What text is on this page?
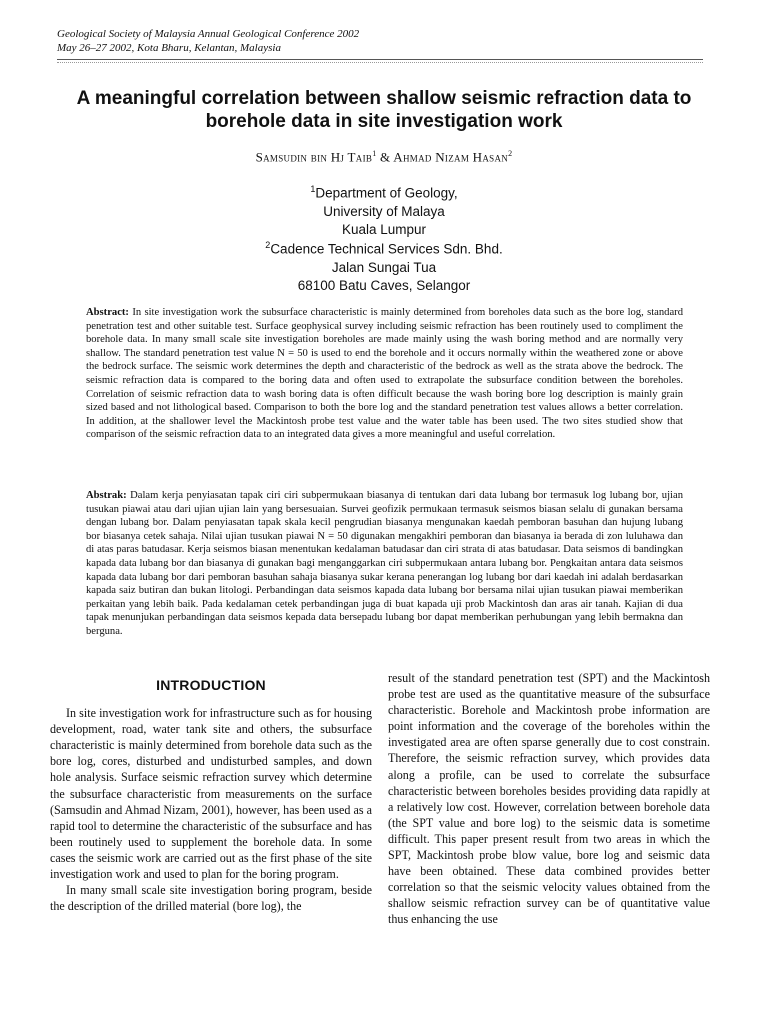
Geological Society of Malaysia Annual Geological Conference 2002
May 26–27 2002, Kota Bharu, Kelantan, Malaysia
A meaningful correlation between shallow seismic refraction data to
borehole data in site investigation work
Samsudin bin Hj Taib$^1$ & Ahmad Nizam Hasan$^2$
$^1$Department of Geology,
University of Malaya
Kuala Lumpur
$^2$Cadence Technical Services Sdn. Bhd.
Jalan Sungai Tua
68100 Batu Caves, Selangor
Abstract: In site investigation work the subsurface characteristic is mainly determined from boreholes data such as the bore log, standard penetration test and other suitable test. Surface geophysical survey including seismic refraction has been routinely used to compliment the borehole data. In many small scale site investigation boreholes are made mainly using the wash boring method and are normally very shallow. The standard penetration test value N = 50 is used to end the borehole and it occurs normally within the weathered zone or above the bedrock surface. The seismic work determines the depth and characteristic of the bedrock as well as the strata above the bedrock. The seismic refraction data is compared to the boring data and often used to extrapolate the subsurface condition between the boreholes. Correlation of seismic refraction data to wash boring data is often difficult because the wash boring bore log description is mainly grain sized based and not lithological based. Comparison to both the bore log and the standard penetration test values allows a better correlation. In addition, at the shallower level the Mackintosh probe test value and the water table has been used. The two sites studied show that comparison of the seismic refraction data to an integrated data gives a more meaningful and useful correlation.
Abstrak: Dalam kerja penyiasatan tapak ciri ciri subpermukaan biasanya di tentukan dari data lubang bor termasuk log lubang bor, ujian tusukan piawai atau dari ujian ujian lain yang bersesuaian. Survei geofizik permukaan termasuk seismos biasan selalu di gunakan bersama dengan lubang bor. Dalam penyiasatan tapak skala kecil pengrudian biasanya mengunakan kaedah pemboran basuhan dan hujung lubang bor biasanya cetek sahaja. Nilai ujian tusukan piawai N = 50 digunakan mengakhiri pemboran dan biasanya ia berada di zon luluhawa dan di atas paras batudasar. Kerja seismos biasan menentukan kedalaman batudasar dan ciri strata di atas batudasar. Data seismos di bandingkan kapada data lubang bor dan biasanya di gunakan bagi menganggarkan ciri subpermukaan antara lubang bor. Pengkaitan antara data seismos kapada data lubang bor dari pemboran basuhan sahaja biasanya sukar kerana penerangan log lubang bor dari kaedah ini adalah berdasarkan kapada saiz butiran dan bukan litologi. Perbandingan data seismos kapada data lubang bor bersama nilai ujian tusukan piawai memberikan perkaitan yang lebih baik. Pada kedalaman cetek perbandingan juga di buat kapada uji prob Mackintosh dan aras air tanah. Kajian di dua tapak menunjukan perbandingan data seismos kepada data bersepadu lubang bor dapat memberikan perhubungan yang lebih bermakna dan berguna.
INTRODUCTION

In site investigation work for infrastructure such as for housing development, road, water tank site and others, the subsurface characteristic is mainly determined from borehole data such as the bore log, cores, disturbed and undisturbed samples, and down hole analysis. Surface seismic refraction survey which determine the subsurface characteristic from measurements on the surface (Samsudin and Ahmad Nizam, 2001), however, has been used as a rapid tool to determine the characteristic of the subsurface and has been routinely used to supplement the borehole data. In some cases the seismic work are carried out as the first phase of the site investigation work and used to plan for the boring program.

In many small scale site investigation boring program, beside the description of the drilled material (bore log), the

result of the standard penetration test (SPT) and the Mackintosh probe test are used as the quantitative measure of the subsurface characteristic. Borehole and Mackintosh probe information are point information and the coverage of the boreholes within the investigated area are often sparse generally due to cost constrain. Therefore, the seismic refraction survey, which provides data along a profile, can be used to correlate the subsurface characteristic between boreholes besides providing data rapidly at a relatively low cost. However, correlation between borehole data (the SPT value and bore log) to the seismic data is sometime difficult. This paper present result from two areas in which the SPT, Mackintosh probe blow value, bore log and seismic data have been obtained. These data combined provides better correlation so that the seismic velocity values obtained from the shallow seismic refraction survey can be of quantitative value thus enhancing the use
